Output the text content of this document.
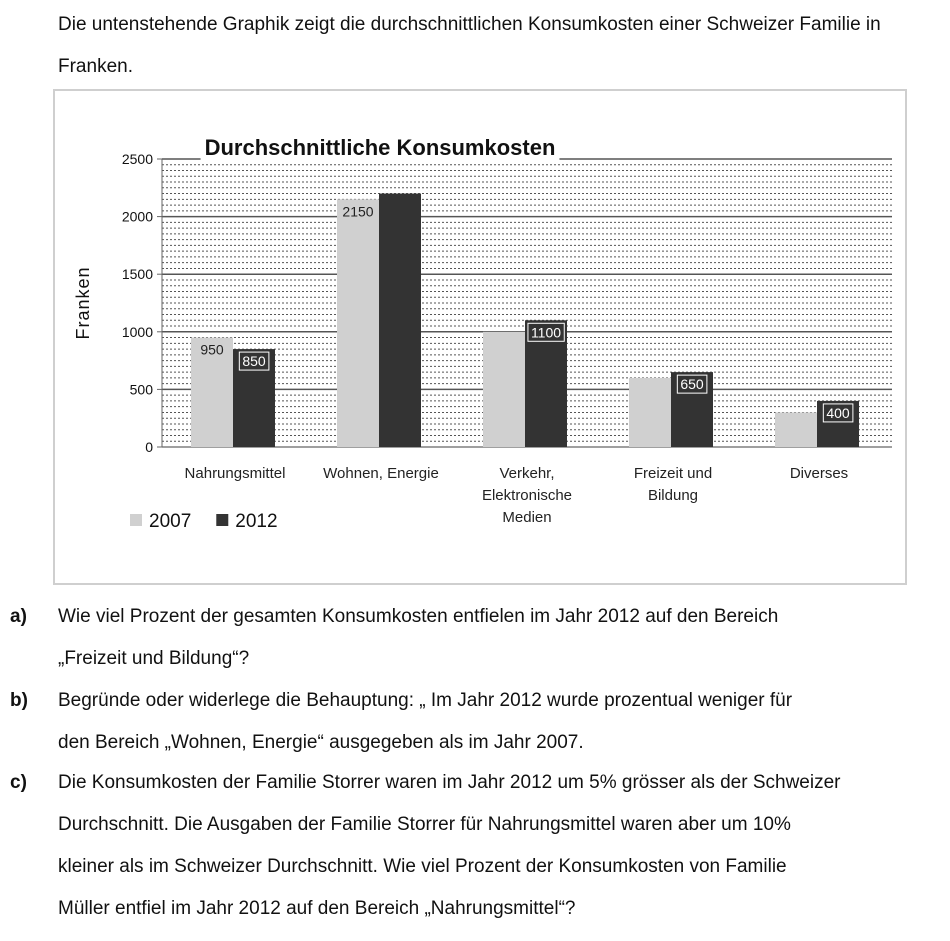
Die untenstehende Graphik zeigt die durchschnittlichen Konsumkosten einer Schweizer Familie in Franken.
0
500
1000
1500
2000
2500 Durchschnittliche Konsumkosten
Franken
950
850
Nahrungsmittel
2150
Wohnen, Energie
1100
Verkehr,
Elektronische
Medien
650
Freizeit und
Bildung
400
Diverses
2007 2012
a) Wie viel Prozent der gesamten Konsumkosten entfielen im Jahr 2012 auf den Bereich
„Freizeit und Bildung“?
b) Begründe oder widerlege die Behauptung: „ Im Jahr 2012 wurde prozentual weniger für
den Bereich „Wohnen, Energie“ ausgegeben als im Jahr 2007.
c) Die Konsumkosten der Familie Storrer waren im Jahr 2012 um 5% grösser als der Schweizer
Durchschnitt. Die Ausgaben der Familie Storrer für Nahrungsmittel waren aber um 10%
kleiner als im Schweizer Durchschnitt. Wie viel Prozent der Konsumkosten von Familie
Müller entfiel im Jahr 2012 auf den Bereich „Nahrungsmittel“?
